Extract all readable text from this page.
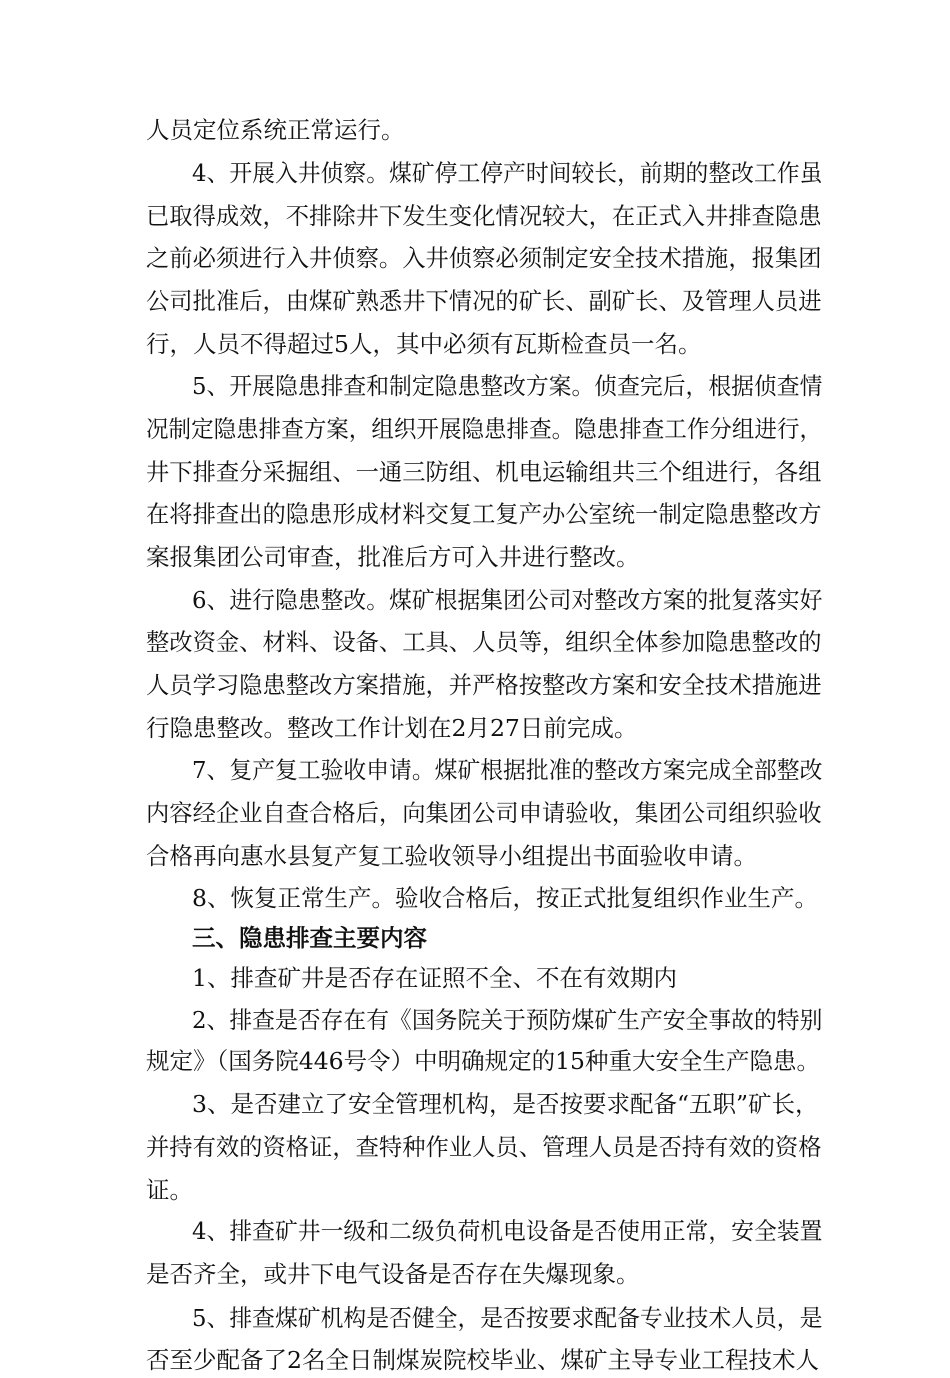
人员定位系统正常运行。
4、开展入井侦察。煤矿停工停产时间较长，前期的整改工作虽
已取得成效，不排除井下发生变化情况较大，在正式入井排查隐患
之前必须进行入井侦察。入井侦察必须制定安全技术措施，报集团
公司批准后，由煤矿熟悉井下情况的矿长、副矿长、及管理人员进
行，人员不得超过5人，其中必须有瓦斯检查员一名。
5、开展隐患排查和制定隐患整改方案。侦查完后，根据侦查情
况制定隐患排查方案，组织开展隐患排查。隐患排查工作分组进行，
井下排查分采掘组、一通三防组、机电运输组共三个组进行，各组
在将排查出的隐患形成材料交复工复产办公室统一制定隐患整改方
案报集团公司审查，批准后方可入井进行整改。
6、进行隐患整改。煤矿根据集团公司对整改方案的批复落实好
整改资金、材料、设备、工具、人员等，组织全体参加隐患整改的
人员学习隐患整改方案措施，并严格按整改方案和安全技术措施进
行隐患整改。整改工作计划在2月27日前完成。
7、复产复工验收申请。煤矿根据批准的整改方案完成全部整改
内容经企业自查合格后，向集团公司申请验收，集团公司组织验收
合格再向惠水县复产复工验收领导小组提出书面验收申请。
8、恢复正常生产。验收合格后，按正式批复组织作业生产。
三、隐患排查主要内容
1、排查矿井是否存在证照不全、不在有效期内
2、排查是否存在有《国务院关于预防煤矿生产安全事故的特别
规定》（国务院446号令）中明确规定的15种重大安全生产隐患。
3、是否建立了安全管理机构，是否按要求配备“五职”矿长，
并持有效的资格证，查特种作业人员、管理人员是否持有效的资格
证。
4、排查矿井一级和二级负荷机电设备是否使用正常，安全装置
是否齐全，或井下电气设备是否存在失爆现象。
5、排查煤矿机构是否健全，是否按要求配备专业技术人员，是
否至少配备了2名全日制煤炭院校毕业、煤矿主导专业工程技术人
